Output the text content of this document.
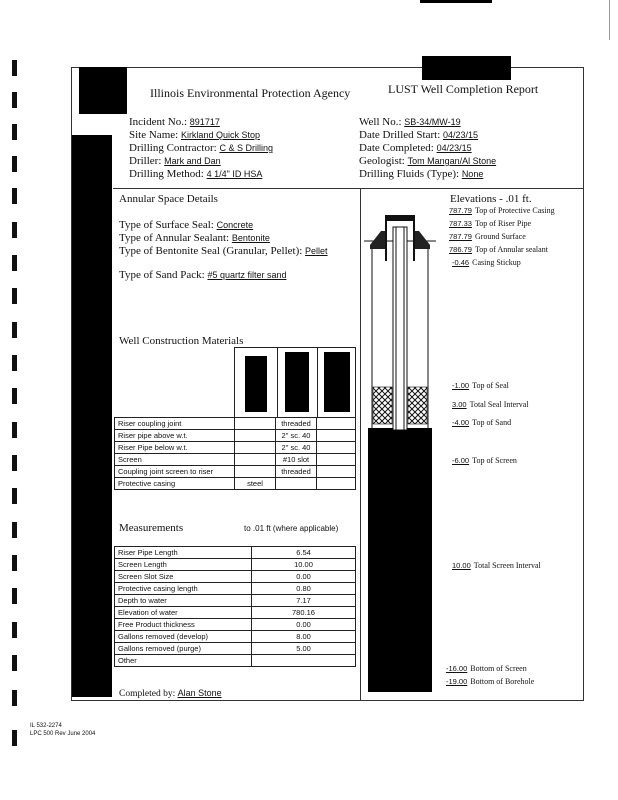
Illinois Environmental Protection Agency	LUST Well Completion Report
Incident No.: 891717
Site Name: Kirkland Quick Stop
Drilling Contractor: C & S Drilling
Driller: Mark and Dan
Drilling Method: 4 1/4" ID HSA
Well No.: SB-34/MW-19
Date Drilled Start: 04/23/15
Date Completed: 04/23/15
Geologist: Tom Mangan/Al Stone
Drilling Fluids (Type): None
Annular Space Details
Type of Surface Seal: Concrete
Type of Annular Sealant: Bentonite
Type of Bentonite Seal (Granular, Pellet): Pellet
Type of Sand Pack: #5 quartz filter sand
Well Construction Materials
Riser coupling joint		threaded	
Riser pipe above w.t.		2" sc. 40	
Riser Pipe below w.t.		2" sc. 40	
Screen		#10 slot	
Coupling joint screen to riser		threaded	
Protective casing	steel		
Measurements	to .01 ft (where applicable)
Riser Pipe Length	6.54
Screen Length	10.00
Screen Slot Size	0.00
Protective casing length	0.80
Depth to water	7.17
Elevation of water	780.16
Free Product thickness	0.00
Gallons removed (develop)	8.00
Gallons removed (purge)	5.00
Other	
Completed by: Alan Stone
Elevations - .01 ft.
787.79 Top of Protective Casing
787.33 Top of Riser Pipe
787.79 Ground Surface
786.79 Top of Annular sealant
-0.46 Casing Stickup
-1.00 Top of Seal
3.00 Total Seal Interval
-4.00 Top of Sand
-6.00 Top of Screen
10.00 Total Screen Interval
-16.00 Bottom of Screen
-19.00 Bottom of Borehole
IL 532-2274
LPC 500 Rev June 2004
